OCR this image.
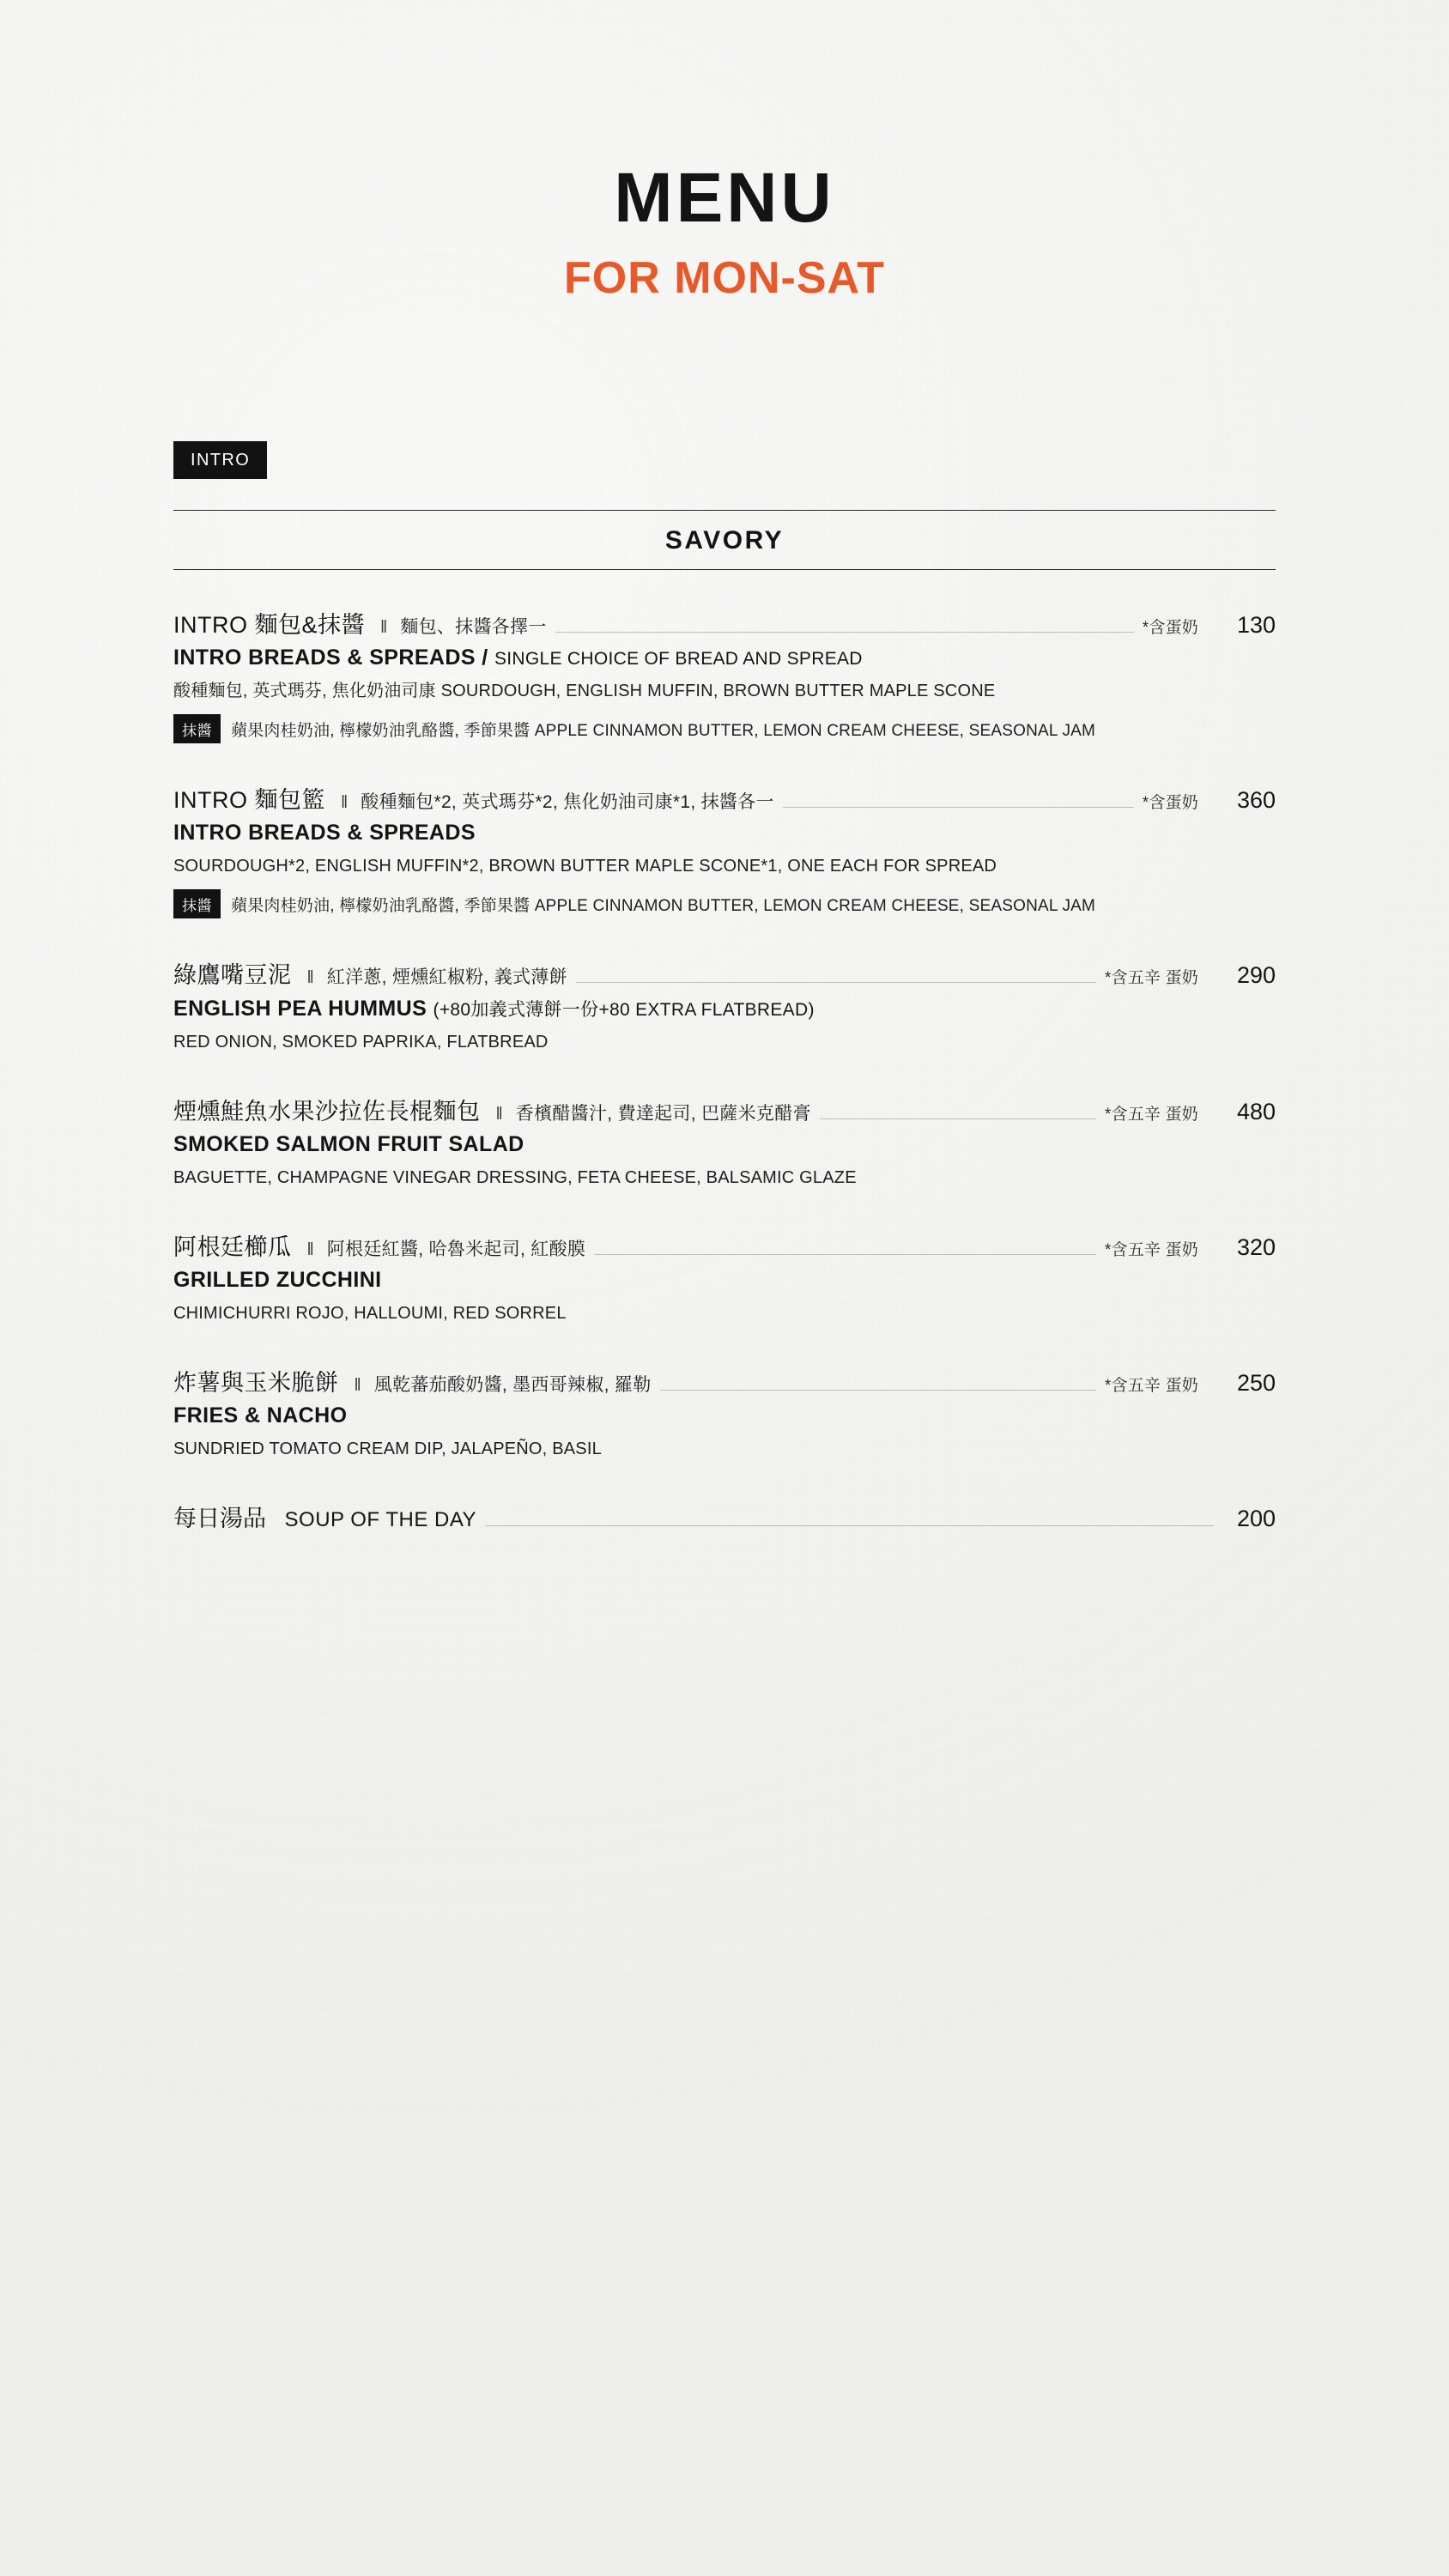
MENU
FOR MON-SAT
INTRO
SAVORY
INTRO 麵包&抹醬 ‖ 麵包、抹醬各擇一	*含蛋奶	130
INTRO BREADS & SPREADS / SINGLE CHOICE OF BREAD AND SPREAD
酸種麵包, 英式瑪芬, 焦化奶油司康 SOURDOUGH, ENGLISH MUFFIN, BROWN BUTTER MAPLE SCONE
抹醬	蘋果肉桂奶油, 檸檬奶油乳酪醬, 季節果醬 APPLE CINNAMON BUTTER, LEMON CREAM CHEESE, SEASONAL JAM
INTRO 麵包籃 ‖ 酸種麵包*2, 英式瑪芬*2, 焦化奶油司康*1, 抹醬各一	*含蛋奶	360
INTRO BREADS & SPREADS
SOURDOUGH*2, ENGLISH MUFFIN*2, BROWN BUTTER MAPLE SCONE*1, ONE EACH FOR SPREAD
抹醬	蘋果肉桂奶油, 檸檬奶油乳酪醬, 季節果醬 APPLE CINNAMON BUTTER, LEMON CREAM CHEESE, SEASONAL JAM
綠鷹嘴豆泥 ‖ 紅洋蔥, 煙燻紅椒粉, 義式薄餅	*含五辛 蛋奶	290
ENGLISH PEA HUMMUS (+80加義式薄餅一份+80 EXTRA FLATBREAD)
RED ONION, SMOKED PAPRIKA, FLATBREAD
煙燻鮭魚水果沙拉佐長棍麵包 ‖ 香檳醋醬汁, 費達起司, 巴薩米克醋膏	*含五辛 蛋奶	480
SMOKED SALMON FRUIT SALAD
BAGUETTE, CHAMPAGNE VINEGAR DRESSING, FETA CHEESE, BALSAMIC GLAZE
阿根廷櫛瓜 ‖ 阿根廷紅醬, 哈魯米起司, 紅酸膜	*含五辛 蛋奶	320
GRILLED ZUCCHINI
CHIMICHURRI ROJO, HALLOUMI, RED SORREL
炸薯與玉米脆餅 ‖ 風乾蕃茄酸奶醬, 墨西哥辣椒, 羅勒	*含五辛 蛋奶	250
FRIES & NACHO
SUNDRIED TOMATO CREAM DIP, JALAPEÑO, BASIL
每日湯品 SOUP OF THE DAY	200
